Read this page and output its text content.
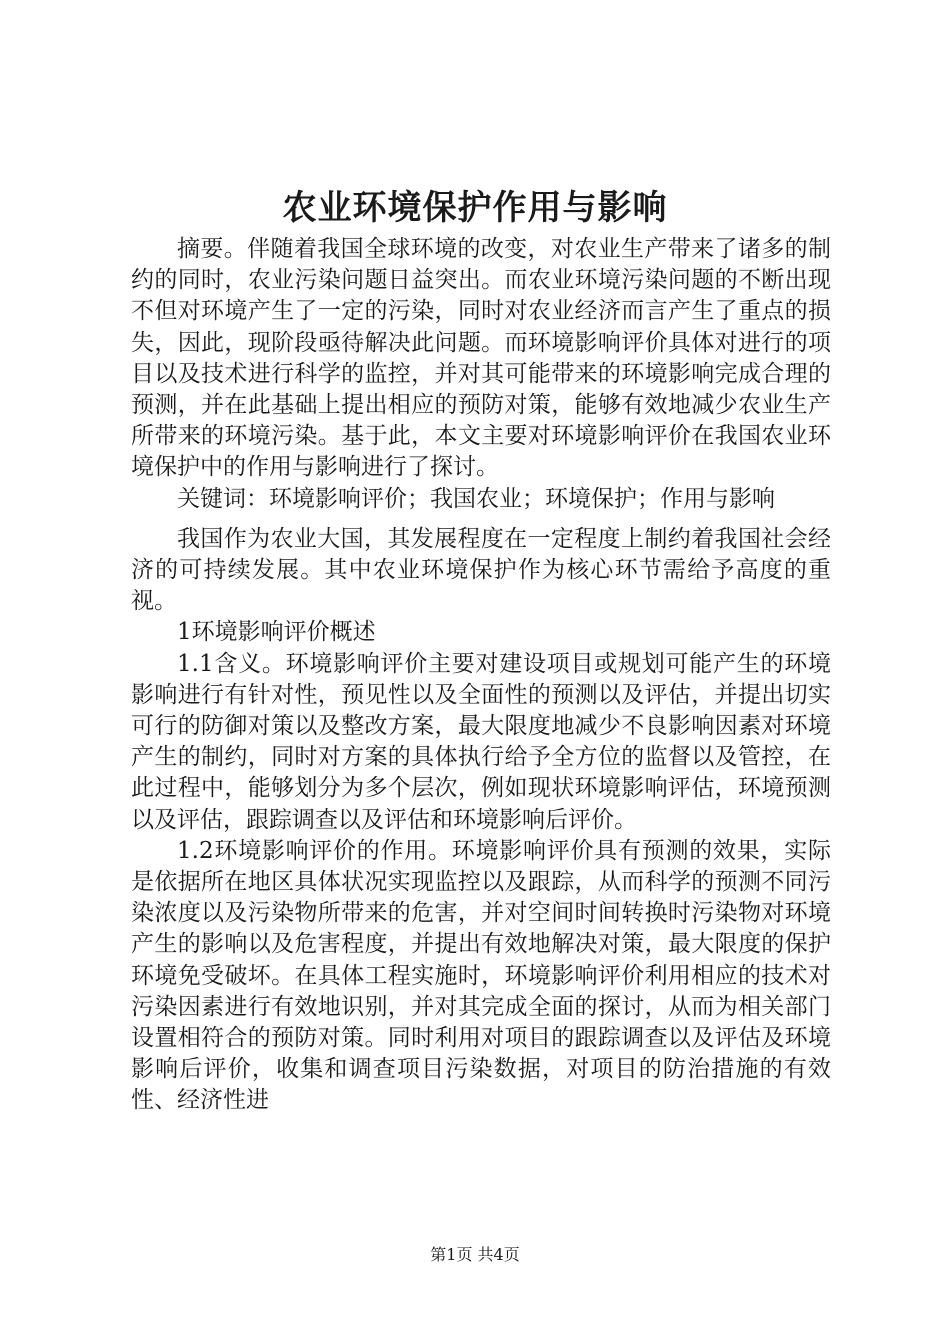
农业环境保护作用与影响

摘要。伴随着我国全球环境的改变，对农业生产带来了诸多的制约的同时，农业污染问题日益突出。而农业环境污染问题的不断出现不但对环境产生了一定的污染，同时对农业经济而言产生了重点的损失，因此，现阶段亟待解决此问题。而环境影响评价具体对进行的项目以及技术进行科学的监控，并对其可能带来的环境影响完成合理的预测，并在此基础上提出相应的预防对策，能够有效地减少农业生产所带来的环境污染。基于此，本文主要对环境影响评价在我国农业环境保护中的作用与影响进行了探讨。

关键词：环境影响评价；我国农业；环境保护；作用与影响

我国作为农业大国，其发展程度在一定程度上制约着我国社会经济的可持续发展。其中农业环境保护作为核心环节需给予高度的重视。

1环境影响评价概述

1.1含义。环境影响评价主要对建设项目或规划可能产生的环境影响进行有针对性，预见性以及全面性的预测以及评估，并提出切实可行的防御对策以及整改方案，最大限度地减少不良影响因素对环境产生的制约，同时对方案的具体执行给予全方位的监督以及管控，在此过程中，能够划分为多个层次，例如现状环境影响评估，环境预测以及评估，跟踪调查以及评估和环境影响后评价。

1.2环境影响评价的作用。环境影响评价具有预测的效果，实际是依据所在地区具体状况实现监控以及跟踪，从而科学的预测不同污染浓度以及污染物所带来的危害，并对空间时间转换时污染物对环境产生的影响以及危害程度，并提出有效地解决对策，最大限度的保护环境免受破坏。在具体工程实施时，环境影响评价利用相应的技术对污染因素进行有效地识别，并对其完成全面的探讨，从而为相关部门设置相符合的预防对策。同时利用对项目的跟踪调查以及评估及环境影响后评价，收集和调查项目污染数据，对项目的防治措施的有效性、经济性进

第1页 共4页
